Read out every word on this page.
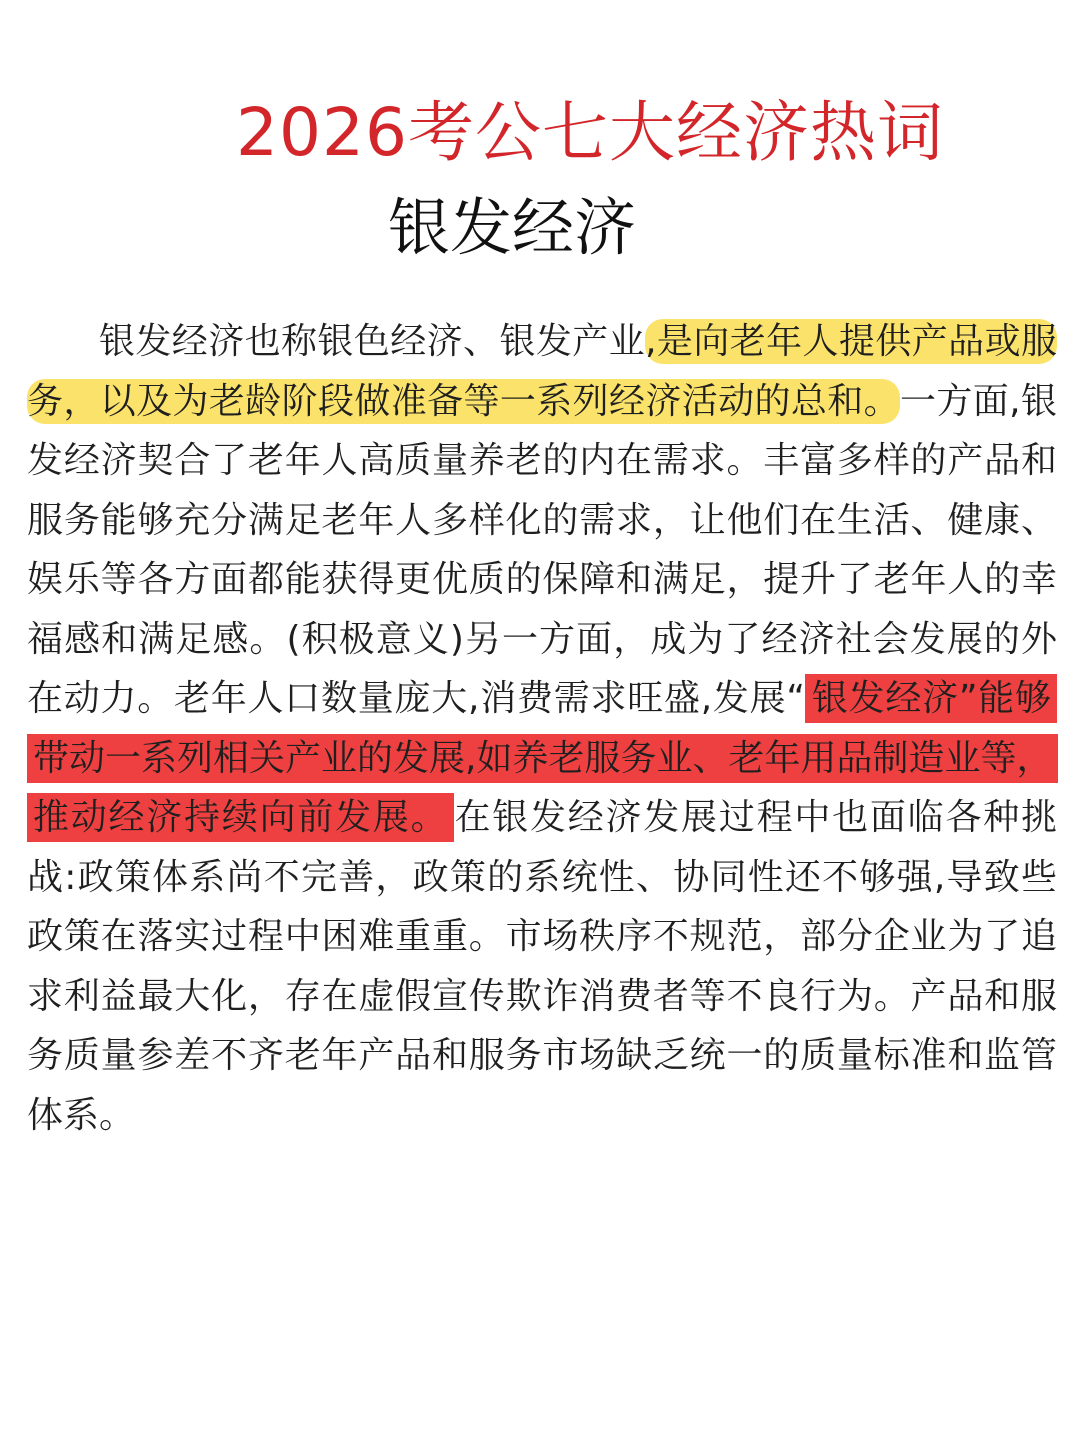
2026考公七大经济热词
银发经济

银发经济也称银色经济、银发产业,是向老年人提供产品或服务，以及为老龄阶段做准备等一系列经济活动的总和。一方面,银发经济契合了老年人高质量养老的内在需求。丰富多样的产品和服务能够充分满足老年人多样化的需求，让他们在生活、健康、娱乐等各方面都能获得更优质的保障和满足，提升了老年人的幸福感和满足感。(积极意义)另一方面，成为了经济社会发展的外在动力。老年人口数量庞大,消费需求旺盛,发展“ 银发经济”能够带动一系列相关产业的发展,如养老服务业、老年用品制造业等，推动经济持续向前发展。 在银发经济发展过程中也面临各种挑战:政策体系尚不完善，政策的系统性、协同性还不够强,导致些政策在落实过程中困难重重。市场秩序不规范，部分企业为了追求利益最大化，存在虚假宣传欺诈消费者等不良行为。产品和服务质量参差不齐老年产品和服务市场缺乏统一的质量标准和监管体系。
